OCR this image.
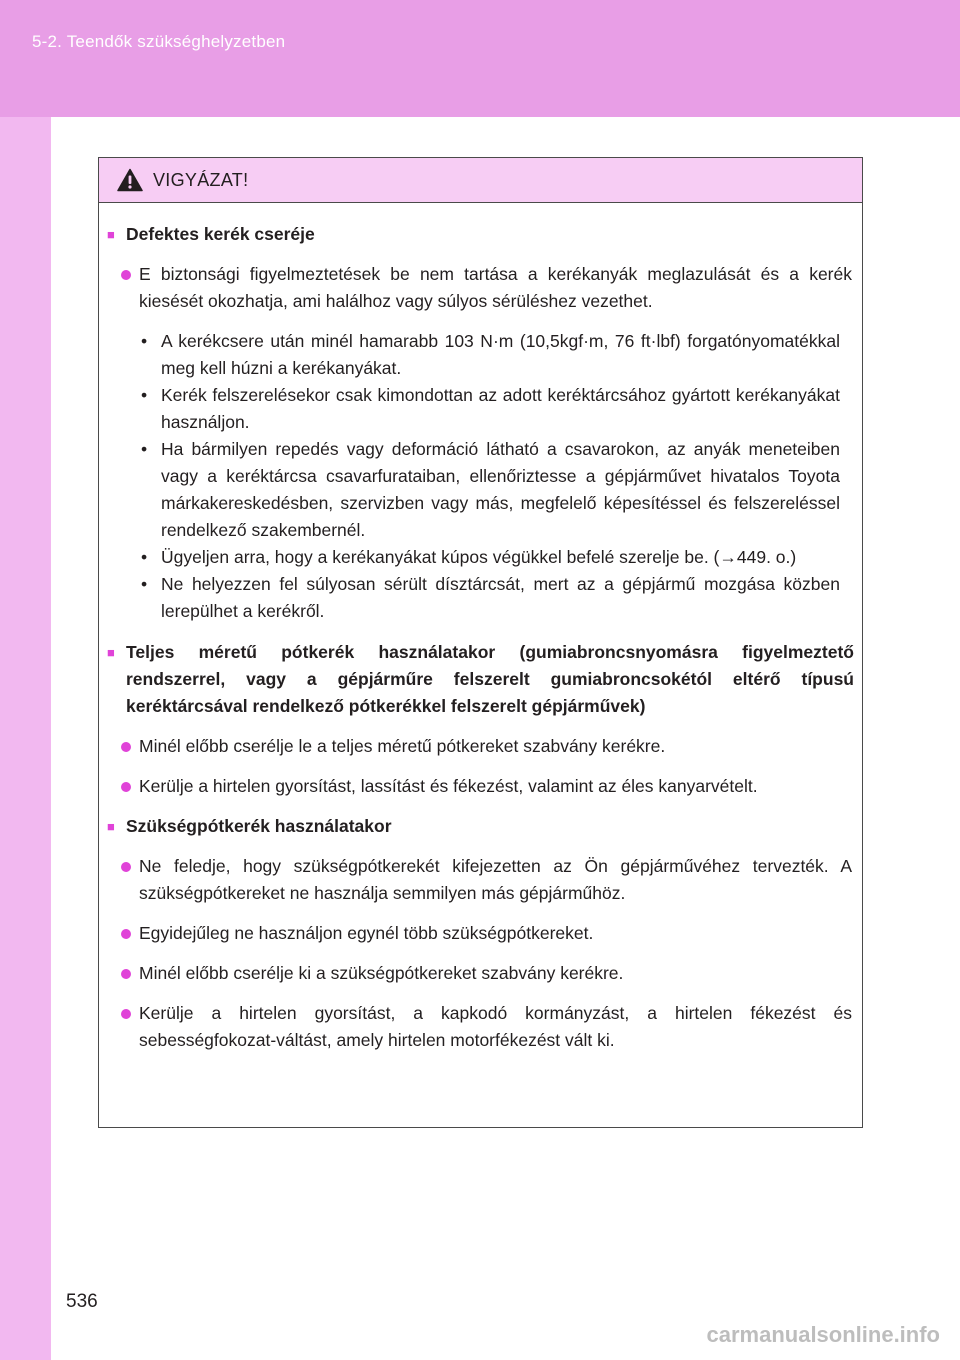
5-2. Teendők szükséghelyzetben
VIGYÁZAT!
■ Defektes kerék cseréje
E biztonsági figyelmeztetések be nem tartása a kerékanyák meglazulását és a kerék kiesését okozhatja, ami halálhoz vagy súlyos sérüléshez vezethet.
• A kerékcsere után minél hamarabb 103 N·m (10,5kgf·m, 76 ft·lbf) forgatónyomatékkal meg kell húzni a kerékanyákat.
• Kerék felszerelésekor csak kimondottan az adott keréktárcsához gyártott kerékanyákat használjon.
• Ha bármilyen repedés vagy deformáció látható a csavarokon, az anyák meneteiben vagy a keréktárcsa csavarfurataiban, ellenőriztesse a gépjárművet hivatalos Toyota márkakereskedésben, szervizben vagy más, megfelelő képesítéssel és felszereléssel rendelkező szakembernél.
• Ügyeljen arra, hogy a kerékanyákat kúpos végükkel befelé szerelje be. (→449. o.)
• Ne helyezzen fel súlyosan sérült dísztárcsát, mert az a gépjármű mozgása közben lerepülhet a kerékről.
■ Teljes méretű pótkerék használatakor (gumiabroncsnyomásra figyelmeztető rendszerrel, vagy a gépjárműre felszerelt gumiabroncsokétól eltérő típusú keréktárcsával rendelkező pótkerékkel felszerelt gépjárművek)
Minél előbb cserélje le a teljes méretű pótkereket szabvány kerékre.
Kerülje a hirtelen gyorsítást, lassítást és fékezést, valamint az éles kanyarvételt.
■ Szükségpótkerék használatakor
Ne feledje, hogy szükségpótkerekét kifejezetten az Ön gépjárművéhez tervezték. A szükségpótkereket ne használja semmilyen más gépjárműhöz.
Egyidejűleg ne használjon egynél több szükségpótkereket.
Minél előbb cserélje ki a szükségpótkereket szabvány kerékre.
Kerülje a hirtelen gyorsítást, a kapkodó kormányzást, a hirtelen fékezést és sebességfokozat-váltást, amely hirtelen motorfékezést vált ki.
536
carmanualsonline.info
